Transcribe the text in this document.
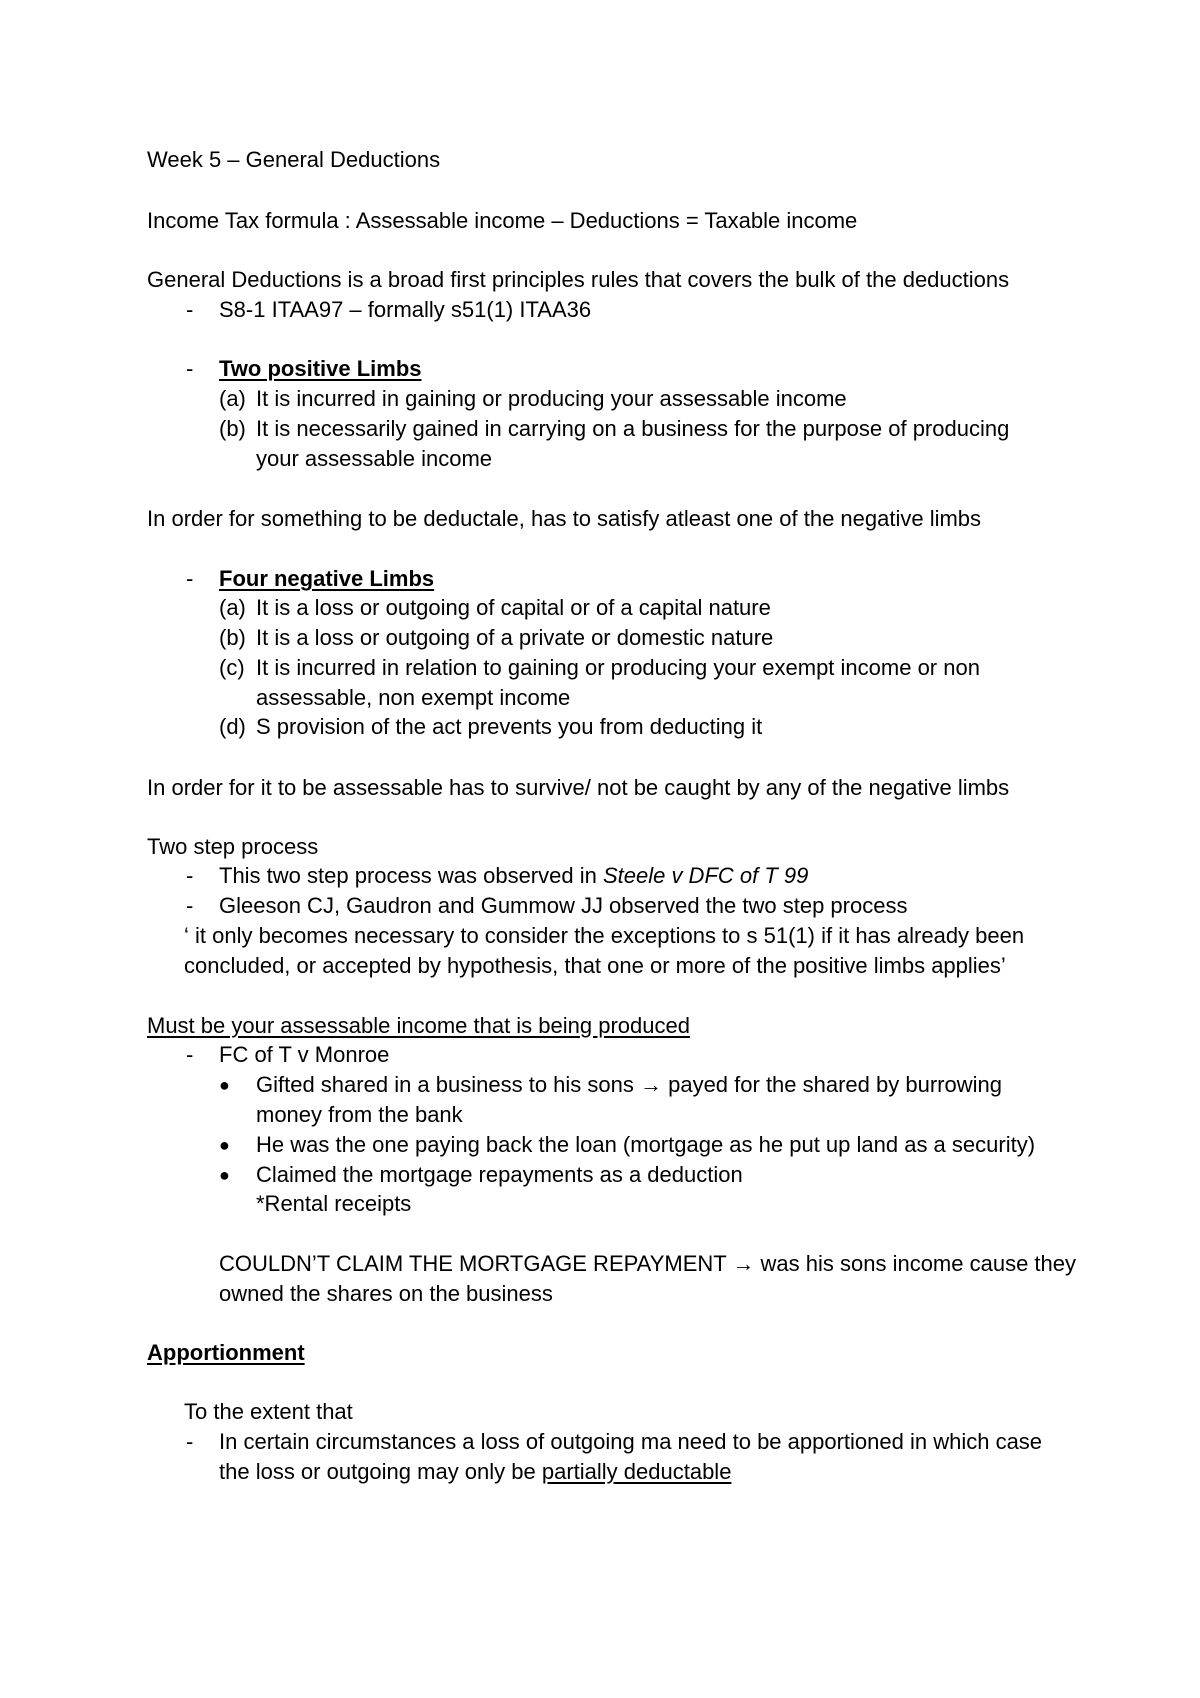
Week 5 – General Deductions
Income Tax formula : Assessable income – Deductions = Taxable income
General Deductions is a broad first principles rules that covers the bulk of the deductions
- S8-1 ITAA97 – formally s51(1) ITAA36
- Two positive Limbs
(a) It is incurred in gaining or producing your assessable income
(b) It is necessarily gained in carrying on a business for the purpose of producing
your assessable income
In order for something to be deductale, has to satisfy atleast one of the negative limbs
- Four negative Limbs
(a) It is a loss or outgoing of capital or of a capital nature
(b) It is a loss or outgoing of a private or domestic nature
(c) It is incurred in relation to gaining or producing your exempt income or non
assessable, non exempt income
(d) S provision of the act prevents you from deducting it
In order for it to be assessable has to survive/ not be caught by any of the negative limbs
Two step process
- This two step process was observed in Steele v DFC of T 99
- Gleeson CJ, Gaudron and Gummow JJ observed the two step process
‘ it only becomes necessary to consider the exceptions to s 51(1) if it has already been
concluded, or accepted by hypothesis, that one or more of the positive limbs applies’
Must be your assessable income that is being produced
- FC of T v Monroe
● Gifted shared in a business to his sons → payed for the shared by burrowing
money from the bank
● He was the one paying back the loan (mortgage as he put up land as a security)
● Claimed the mortgage repayments as a deduction
*Rental receipts
COULDN’T CLAIM THE MORTGAGE REPAYMENT → was his sons income cause they
owned the shares on the business
Apportionment
To the extent that
- In certain circumstances a loss of outgoing ma need to be apportioned in which case
the loss or outgoing may only be partially deductable
